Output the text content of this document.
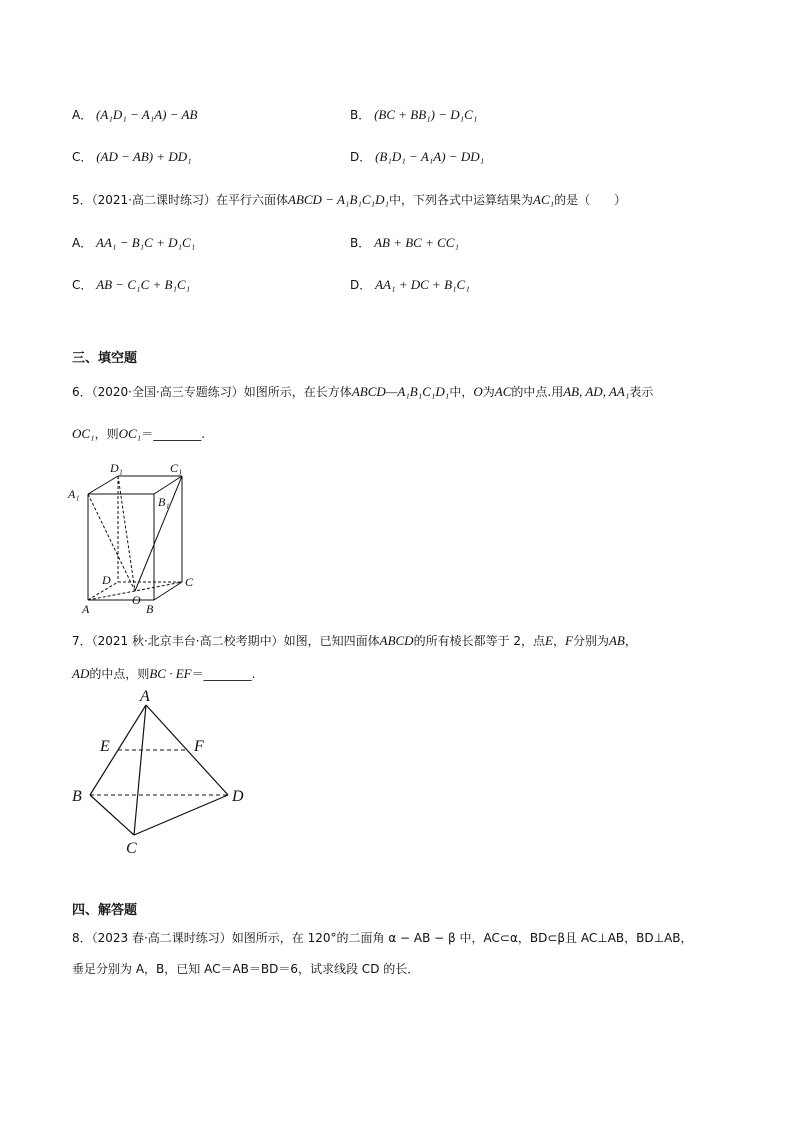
A． (A₁D₁ − A₁A) − AB	B． (BC + BB₁) − D₁C₁
C． (AD − AB) + DD₁	D． (B₁D₁ − A₁A) − DD₁
5．（2021·高二课时练习）在平行六面体ABCD − A₁B₁C₁D₁中，下列各式中运算结果为AC₁的是（　　）
A． AA₁ − B₁C + D₁C₁	B． AB + BC + CC₁
C． AB − C₁C + B₁C₁	D． AA₁ + DC + B₁C₁
三、填空题
6．（2020·全国·高三专题练习）如图所示，在长方体ABCD—A₁B₁C₁D₁中，O为AC的中点.用AB, AD, AA₁表示
OC₁，则OC₁＝________.
D₁	C₁
A₁
B₁
D	C
O
A	B
7．（2021 秋·北京丰台·高二校考期中）如图，已知四面体ABCD的所有棱长都等于 2，点E，F分别为AB，
AD的中点，则BC · EF＝________.
A
E	F
B	D
C
四、解答题
8．（2023 春·高二课时练习）如图所示，在 120°的二面角 α − AB − β 中，AC⊂α，BD⊂β且 AC⊥AB，BD⊥AB，
垂足分别为 A，B，已知 AC＝AB＝BD＝6，试求线段 CD 的长．
